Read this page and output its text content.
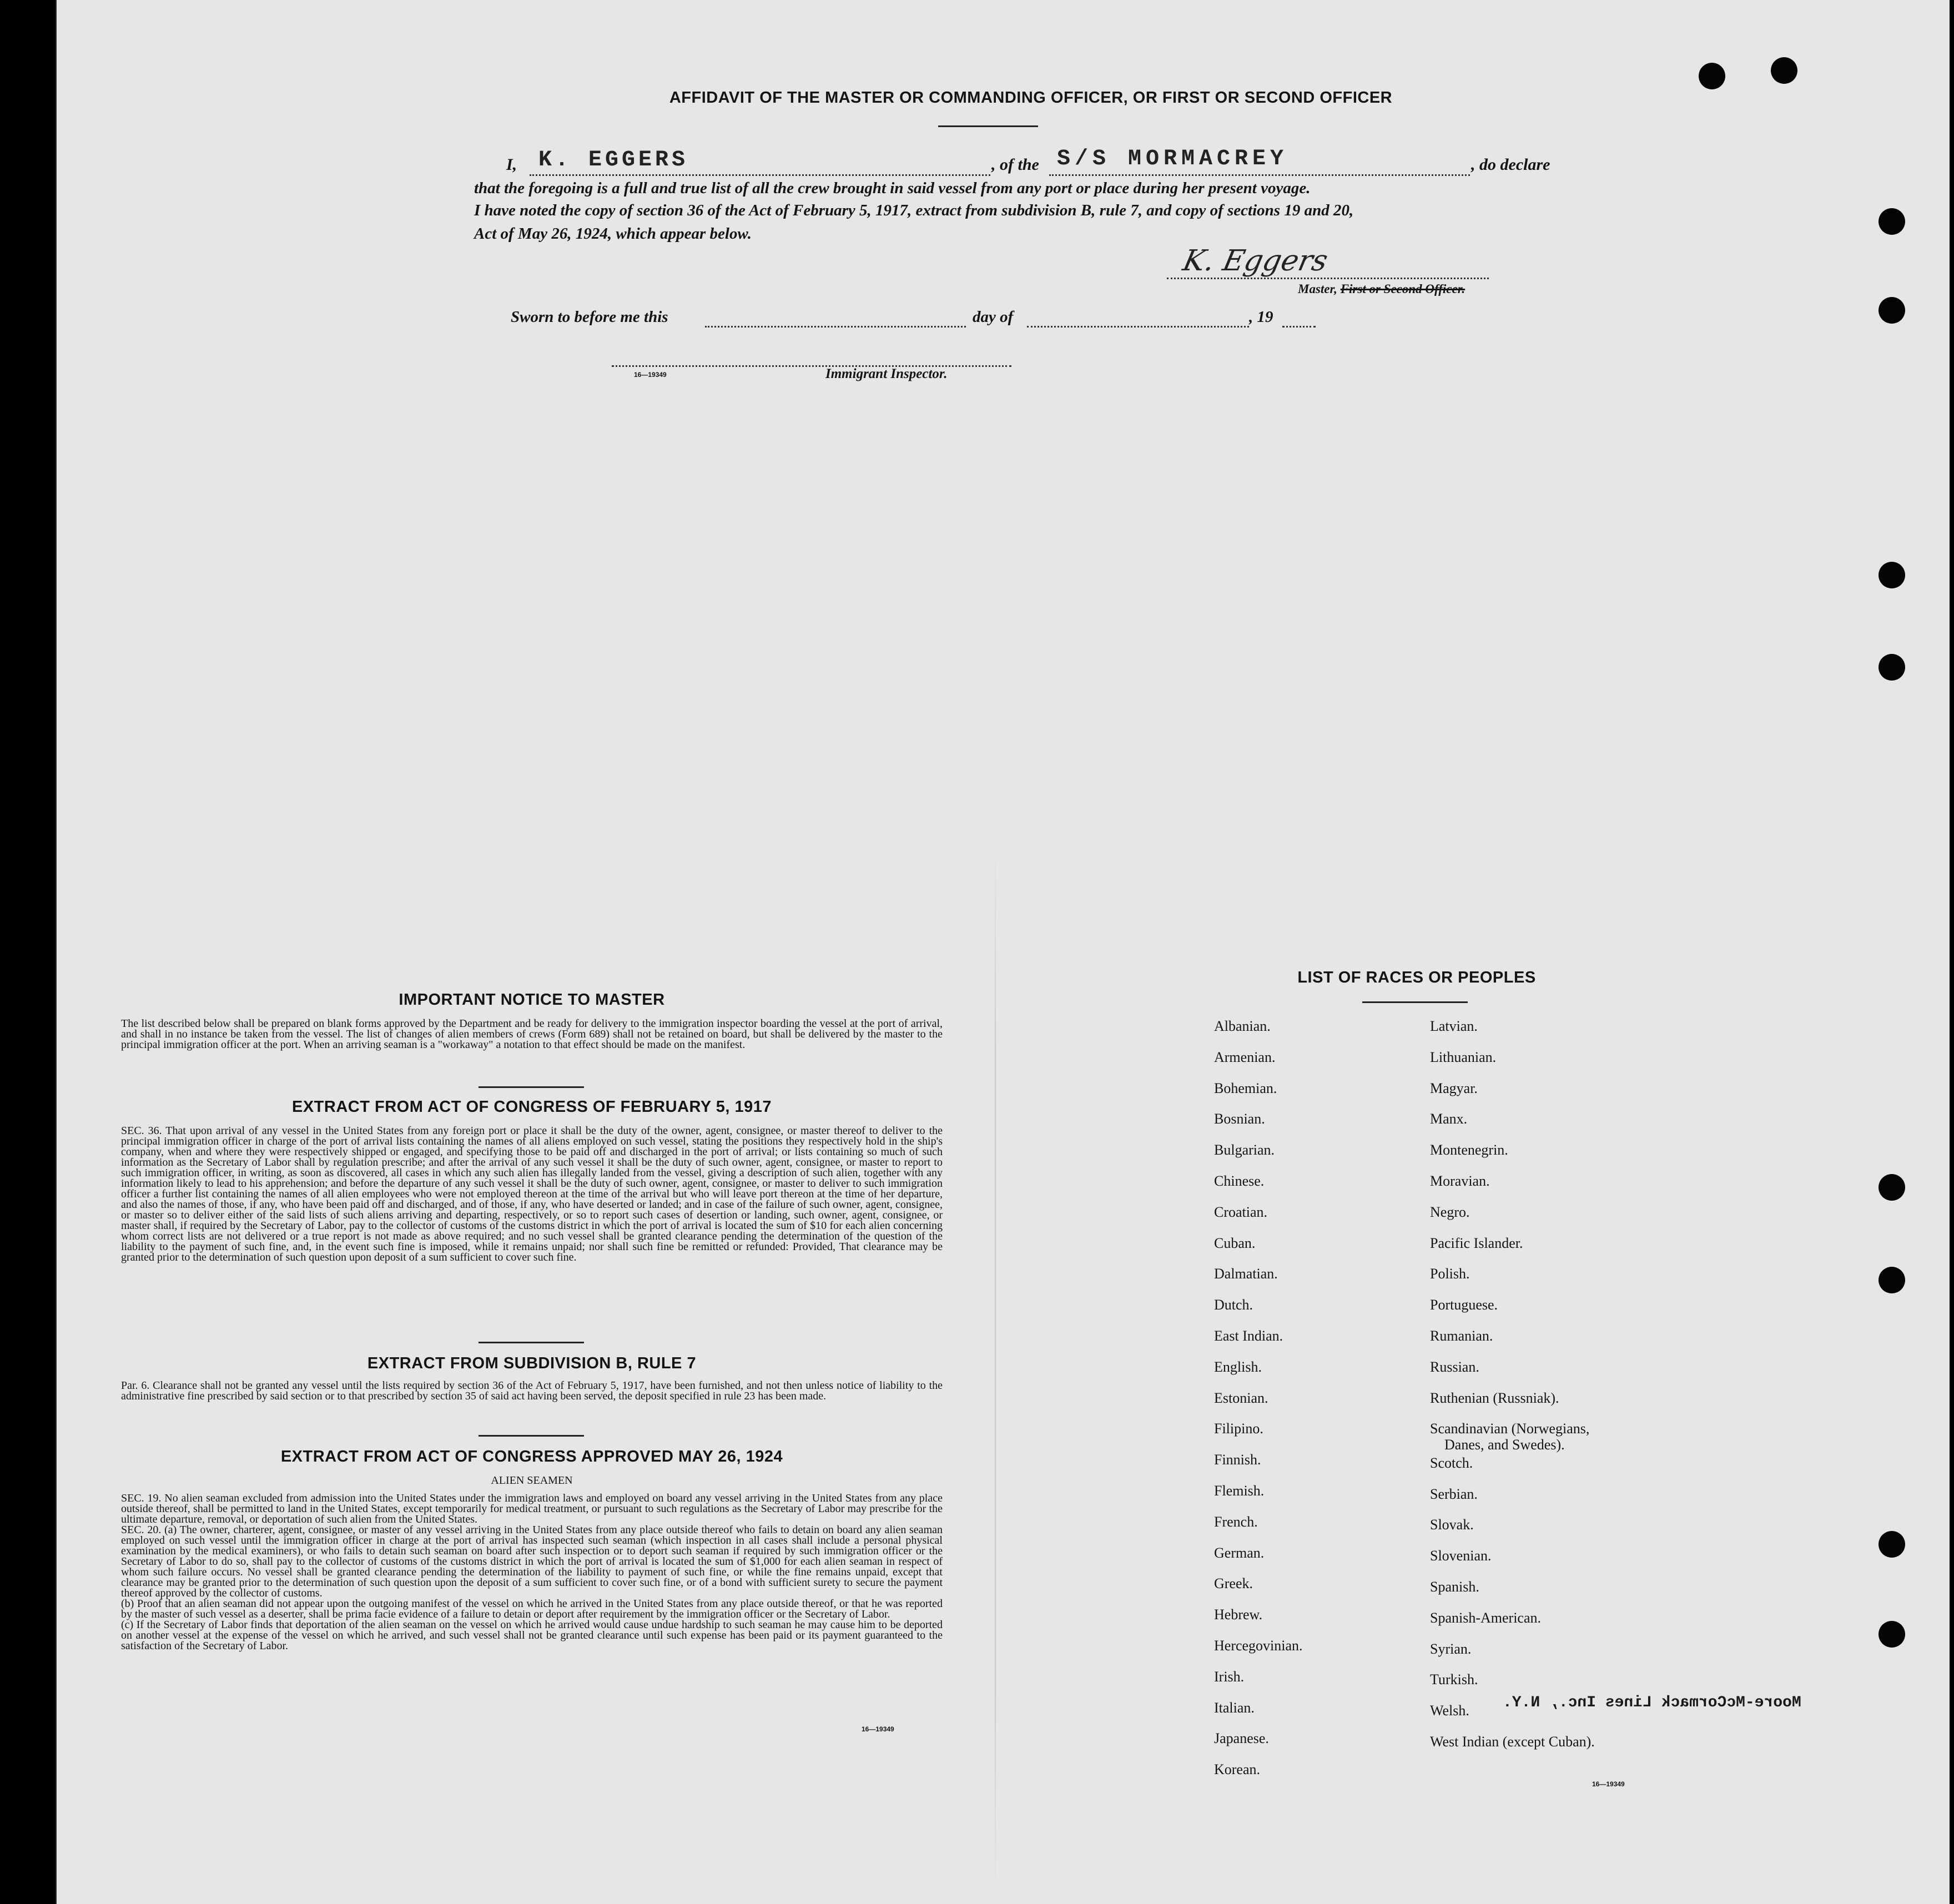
AFFIDAVIT OF THE MASTER OR COMMANDING OFFICER, OR FIRST OR SECOND OFFICER
I, K. EGGERS	, of the S/S MORMACREY	, do declare
that the foregoing is a full and true list of all the crew brought in said vessel from any port or place during her present voyage.
I have noted the copy of section 36 of the Act of February 5, 1917, extract from subdivision B, rule 7, and copy of sections 19 and 20,
Act of May 26, 1924, which appear below.
K. Eggers
Master, First or Second Officer.
Sworn to before me this	day of	, 19
16—19349	Immigrant Inspector.
IMPORTANT NOTICE TO MASTER
The list described below shall be prepared on blank forms approved by the Department and be ready for delivery to the immigration inspector boarding the vessel at the port of arrival, and shall in no instance be taken from the vessel. The list of changes of alien members of crews (Form 689) shall not be retained on board, but shall be delivered by the master to the principal immigration officer at the port. When an arriving seaman is a "workaway" a notation to that effect should be made on the manifest.
EXTRACT FROM ACT OF CONGRESS OF FEBRUARY 5, 1917
SEC. 36. That upon arrival of any vessel in the United States from any foreign port or place it shall be the duty of the owner, agent, consignee, or master thereof to deliver to the principal immigration officer in charge of the port of arrival lists containing the names of all aliens employed on such vessel, stating the positions they respectively hold in the ship's company, when and where they were respectively shipped or engaged, and specifying those to be paid off and discharged in the port of arrival; or lists containing so much of such information as the Secretary of Labor shall by regulation prescribe; and after the arrival of any such vessel it shall be the duty of such owner, agent, consignee, or master to report to such immigration officer, in writing, as soon as discovered, all cases in which any such alien has illegally landed from the vessel, giving a description of such alien, together with any information likely to lead to his apprehension; and before the departure of any such vessel it shall be the duty of such owner, agent, consignee, or master to deliver to such immigration officer a further list containing the names of all alien employees who were not employed thereon at the time of the arrival but who will leave port thereon at the time of her departure, and also the names of those, if any, who have been paid off and discharged, and of those, if any, who have deserted or landed; and in case of the failure of such owner, agent, consignee, or master so to deliver either of the said lists of such aliens arriving and departing, respectively, or so to report such cases of desertion or landing, such owner, agent, consignee, or master shall, if required by the Secretary of Labor, pay to the collector of customs of the customs district in which the port of arrival is located the sum of $10 for each alien concerning whom correct lists are not delivered or a true report is not made as above required; and no such vessel shall be granted clearance pending the determination of the question of the liability to the payment of such fine, and, in the event such fine is imposed, while it remains unpaid; nor shall such fine be remitted or refunded: Provided, That clearance may be granted prior to the determination of such question upon deposit of a sum sufficient to cover such fine.
EXTRACT FROM SUBDIVISION B, RULE 7
Par. 6. Clearance shall not be granted any vessel until the lists required by section 36 of the Act of February 5, 1917, have been furnished, and not then unless notice of liability to the administrative fine prescribed by said section or to that prescribed by section 35 of said act having been served, the deposit specified in rule 23 has been made.
EXTRACT FROM ACT OF CONGRESS APPROVED MAY 26, 1924
ALIEN SEAMEN
SEC. 19. No alien seaman excluded from admission into the United States under the immigration laws and employed on board any vessel arriving in the United States from any place outside thereof, shall be permitted to land in the United States, except temporarily for medical treatment, or pursuant to such regulations as the Secretary of Labor may prescribe for the ultimate departure, removal, or deportation of such alien from the United States.
SEC. 20. (a) The owner, charterer, agent, consignee, or master of any vessel arriving in the United States from any place outside thereof who fails to detain on board any alien seaman employed on such vessel until the immigration officer in charge at the port of arrival has inspected such seaman (which inspection in all cases shall include a personal physical examination by the medical examiners), or who fails to detain such seaman on board after such inspection or to deport such seaman if required by such immigration officer or the Secretary of Labor to do so, shall pay to the collector of customs of the customs district in which the port of arrival is located the sum of $1,000 for each alien seaman in respect of whom such failure occurs. No vessel shall be granted clearance pending the determination of the liability to payment of such fine, or while the fine remains unpaid, except that clearance may be granted prior to the determination of such question upon the deposit of a sum sufficient to cover such fine, or of a bond with sufficient surety to secure the payment thereof approved by the collector of customs.
(b) Proof that an alien seaman did not appear upon the outgoing manifest of the vessel on which he arrived in the United States from any place outside thereof, or that he was reported by the master of such vessel as a deserter, shall be prima facie evidence of a failure to detain or deport after requirement by the immigration officer or the Secretary of Labor.
(c) If the Secretary of Labor finds that deportation of the alien seaman on the vessel on which he arrived would cause undue hardship to such seaman he may cause him to be deported on another vessel at the expense of the vessel on which he arrived, and such vessel shall not be granted clearance until such expense has been paid or its payment guaranteed to the satisfaction of the Secretary of Labor.
16—19349
LIST OF RACES OR PEOPLES
Albanian.
Armenian.
Bohemian.
Bosnian.
Bulgarian.
Chinese.
Croatian.
Cuban.
Dalmatian.
Dutch.
East Indian.
English.
Estonian.
Filipino.
Finnish.
Flemish.
French.
German.
Greek.
Hebrew.
Hercegovinian.
Irish.
Italian.
Japanese.
Korean.
Latvian.
Lithuanian.
Magyar.
Manx.
Montenegrin.
Moravian.
Negro.
Pacific Islander.
Polish.
Portuguese.
Rumanian.
Russian.
Ruthenian (Russniak).
Scandinavian (Norwegians,
Danes, and Swedes).
Scotch.
Serbian.
Slovak.
Slovenian.
Spanish.
Spanish-American.
Syrian.
Turkish.
Welsh.
West Indian (except Cuban).
16—19349
Moore-McCormack Lines Inc., N.Y.
